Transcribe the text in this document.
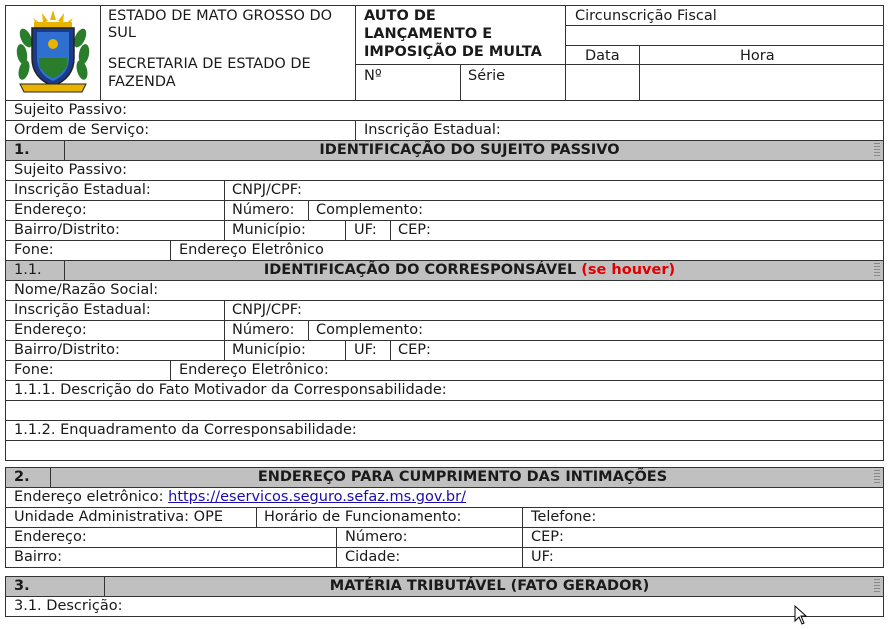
ESTADO DE MATO GROSSO DO
SUL
SECRETARIA DE ESTADO DE
FAZENDA
AUTO DE
LANÇAMENTO E
IMPOSIÇÃO DE MULTA
Nº	Série
Circunscrição Fiscal
Data	Hora
Sujeito Passivo:
Ordem de Serviço:	Inscrição Estadual:
1.	IDENTIFICAÇÃO DO SUJEITO PASSIVO
Sujeito Passivo:
Inscrição Estadual:	CNPJ/CPF:
Endereço:	Número: Complemento:
Bairro/Distrito:	Município:	UF: CEP:
Fone:	Endereço Eletrônico
1.1.	IDENTIFICAÇÃO DO CORRESPONSÁVEL (se houver)
Nome/Razão Social:
Inscrição Estadual:	CNPJ/CPF:
Endereço:	Número: Complemento:
Bairro/Distrito:	Município:	UF: CEP:
Fone:	Endereço Eletrônico:
1.1.1. Descrição do Fato Motivador da Corresponsabilidade:
1.1.2. Enquadramento da Corresponsabilidade:
2.	ENDEREÇO PARA CUMPRIMENTO DAS INTIMAÇÕES
Endereço eletrônico: https://eservicos.seguro.sefaz.ms.gov.br/
Unidade Administrativa: OPE	Horário de Funcionamento:	Telefone:
Endereço:	Número:	CEP:
Bairro:	Cidade:	UF:
3.	MATÉRIA TRIBUTÁVEL (FATO GERADOR)
3.1. Descrição:
